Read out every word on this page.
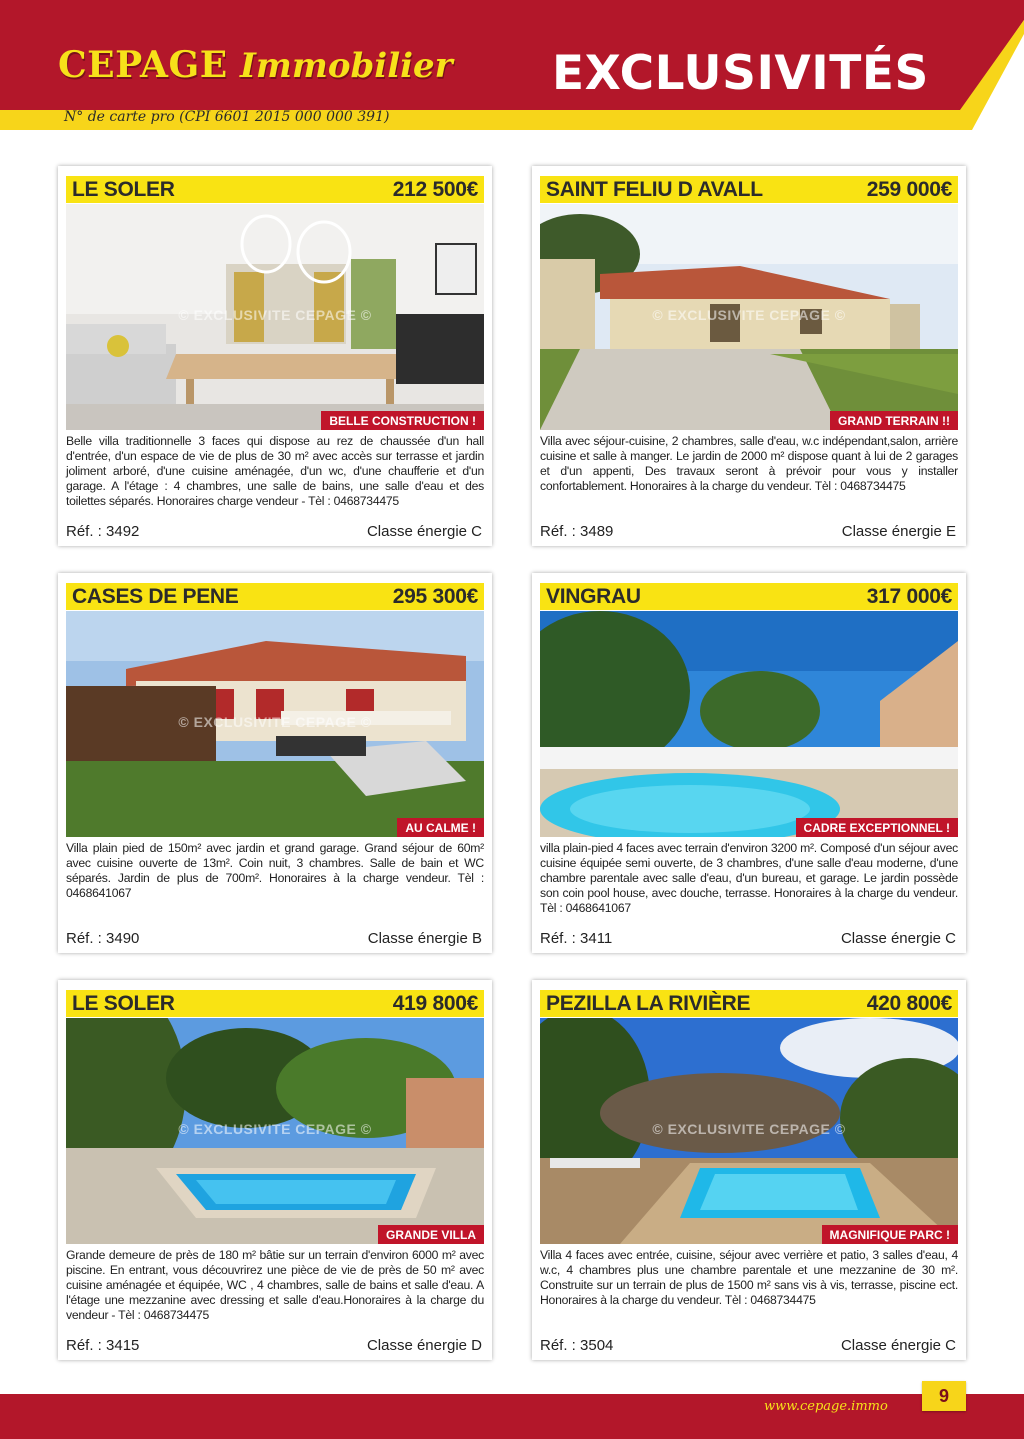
CEPAGE Immobilier EXCLUSIVITÉS
N° de carte pro (CPI 6601 2015 000 000 391)
LE SOLER	212 500€
© EXCLUSIVITE CEPAGE ©
BELLE CONSTRUCTION !
Belle villa traditionnelle 3 faces qui dispose au rez de chaussée d'un hall d'entrée, d'un espace de vie de plus de 30 m² avec accès sur terrasse et jardin joliment arboré, d'une cuisine aménagée, d'un wc, d'une chaufferie et d'un garage. A l'étage : 4 chambres, une salle de bains, une salle d'eau et des toilettes séparés. Honoraires charge vendeur - Tèl : 0468734475
Réf. : 3492	Classe énergie C
SAINT FELIU D AVALL	259 000€
© EXCLUSIVITE CEPAGE ©
GRAND TERRAIN !!
Villa avec séjour-cuisine, 2 chambres, salle d'eau, w.c indépendant,salon, arrière cuisine et salle à manger. Le jardin de 2000 m² dispose quant à lui de 2 garages et d'un appenti, Des travaux seront à prévoir pour vous y installer confortablement. Honoraires à la charge du vendeur. Tèl : 0468734475
Réf. : 3489	Classe énergie E
CASES DE PENE	295 300€
© EXCLUSIVITE CEPAGE ©
AU CALME !
Villa plain pied de 150m² avec jardin et grand garage. Grand séjour de 60m² avec cuisine ouverte de 13m². Coin nuit, 3 chambres. Salle de bain et WC séparés. Jardin de plus de 700m². Honoraires à la charge vendeur. Tèl : 0468641067
Réf. : 3490	Classe énergie B
VINGRAU	317 000€
CADRE EXCEPTIONNEL !
villa plain-pied 4 faces avec terrain d'environ 3200 m². Composé d'un séjour avec cuisine équipée semi ouverte, de 3 chambres, d'une salle d'eau moderne, d'une chambre parentale avec salle d'eau, d'un bureau, et garage. Le jardin possède son coin pool house, avec douche, terrasse. Honoraires à la charge du vendeur. Tèl : 0468641067
Réf. : 3411	Classe énergie C
LE SOLER	419 800€
© EXCLUSIVITE CEPAGE ©
GRANDE VILLA
Grande demeure de près de 180 m² bâtie sur un terrain d'environ 6000 m² avec piscine. En entrant, vous découvrirez une pièce de vie de près de 50 m² avec cuisine aménagée et équipée, WC , 4 chambres, salle de bains et salle d'eau. A l'étage une mezzanine avec dressing et salle d'eau.Honoraires à la charge du vendeur - Tèl : 0468734475
Réf. : 3415	Classe énergie D
PEZILLA LA RIVIÈRE	420 800€
© EXCLUSIVITE CEPAGE ©
MAGNIFIQUE PARC !
Villa 4 faces avec entrée, cuisine, séjour avec verrière et patio, 3 salles d'eau, 4 w.c, 4 chambres plus une chambre parentale et une mezzanine de 30 m². Construite sur un terrain de plus de 1500 m² sans vis à vis, terrasse, piscine ect. Honoraires à la charge du vendeur. Tèl : 0468734475
Réf. : 3504	Classe énergie C
www.cepage.immo
9
